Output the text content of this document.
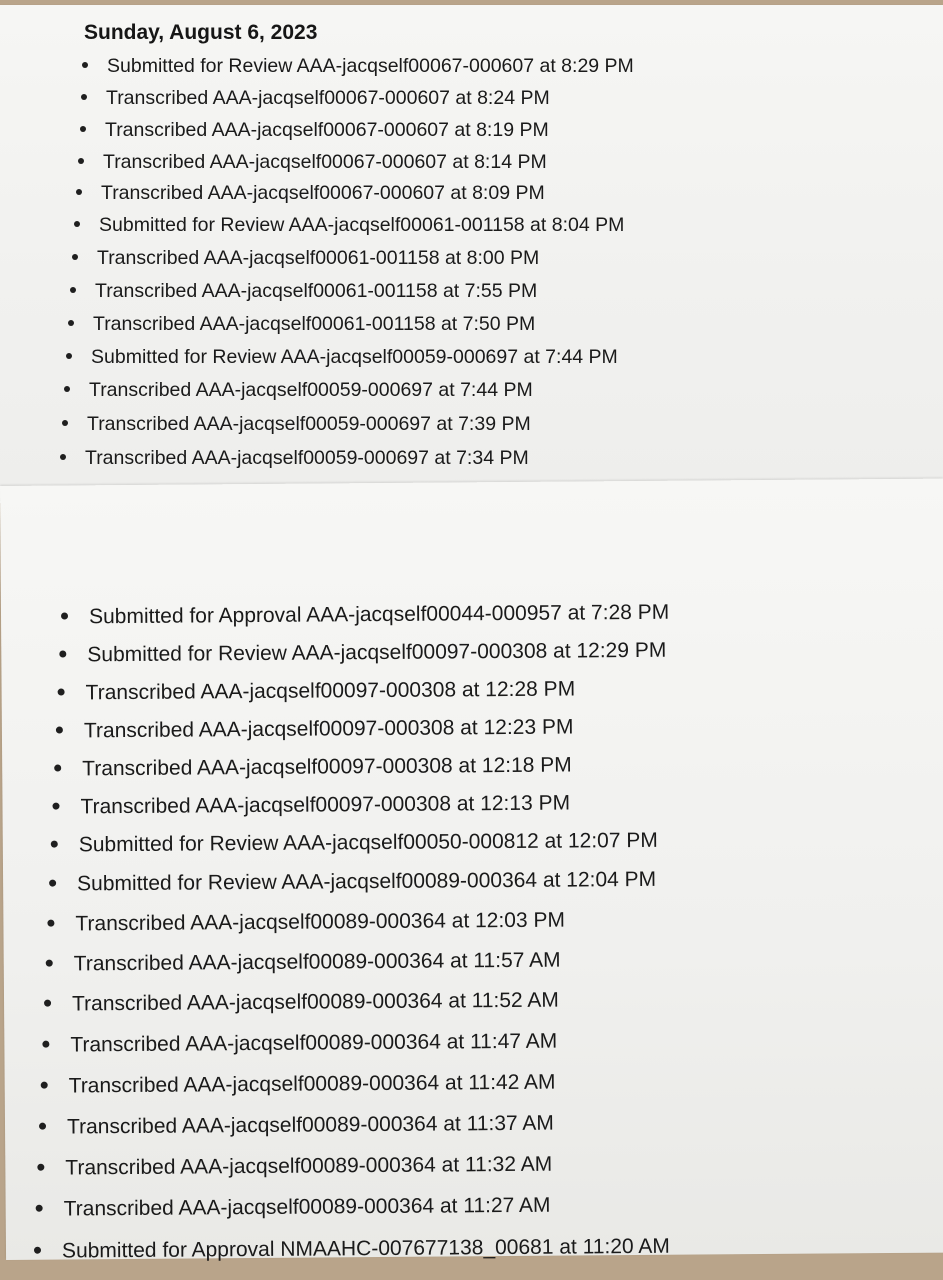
Sunday, August 6, 2023
Submitted for Review AAA-jacqself00067-000607 at 8:29 PM
Transcribed AAA-jacqself00067-000607 at 8:24 PM
Transcribed AAA-jacqself00067-000607 at 8:19 PM
Transcribed AAA-jacqself00067-000607 at 8:14 PM
Transcribed AAA-jacqself00067-000607 at 8:09 PM
Submitted for Review AAA-jacqself00061-001158 at 8:04 PM
Transcribed AAA-jacqself00061-001158 at 8:00 PM
Transcribed AAA-jacqself00061-001158 at 7:55 PM
Transcribed AAA-jacqself00061-001158 at 7:50 PM
Submitted for Review AAA-jacqself00059-000697 at 7:44 PM
Transcribed AAA-jacqself00059-000697 at 7:44 PM
Transcribed AAA-jacqself00059-000697 at 7:39 PM
Transcribed AAA-jacqself00059-000697 at 7:34 PM
Submitted for Approval AAA-jacqself00044-000957 at 7:28 PM
Submitted for Review AAA-jacqself00097-000308 at 12:29 PM
Transcribed AAA-jacqself00097-000308 at 12:28 PM
Transcribed AAA-jacqself00097-000308 at 12:23 PM
Transcribed AAA-jacqself00097-000308 at 12:18 PM
Transcribed AAA-jacqself00097-000308 at 12:13 PM
Submitted for Review AAA-jacqself00050-000812 at 12:07 PM
Submitted for Review AAA-jacqself00089-000364 at 12:04 PM
Transcribed AAA-jacqself00089-000364 at 12:03 PM
Transcribed AAA-jacqself00089-000364 at 11:57 AM
Transcribed AAA-jacqself00089-000364 at 11:52 AM
Transcribed AAA-jacqself00089-000364 at 11:47 AM
Transcribed AAA-jacqself00089-000364 at 11:42 AM
Transcribed AAA-jacqself00089-000364 at 11:37 AM
Transcribed AAA-jacqself00089-000364 at 11:32 AM
Transcribed AAA-jacqself00089-000364 at 11:27 AM
Submitted for Approval NMAAHC-007677138_00681 at 11:20 AM
